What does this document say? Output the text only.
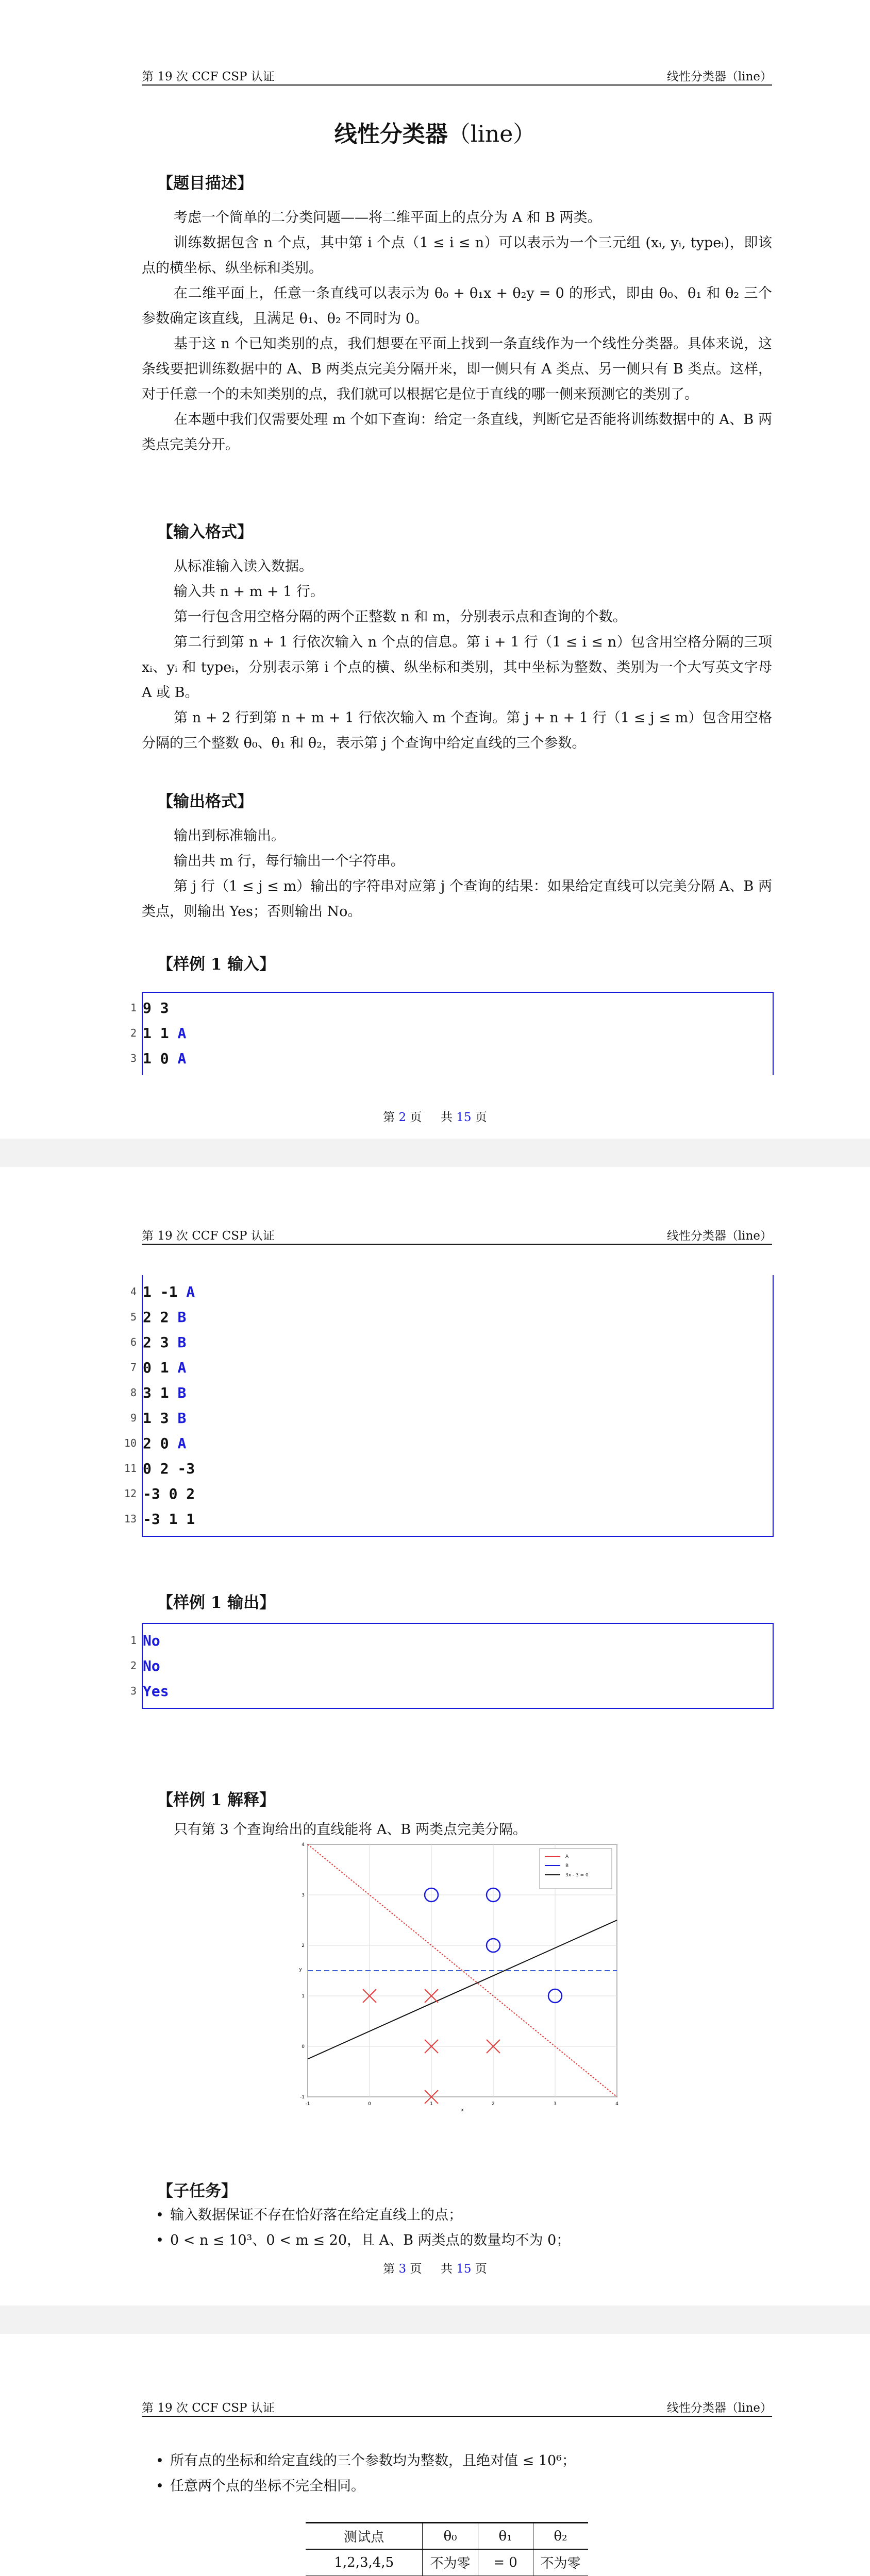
第 19 次 CCF CSP 认证	线性分类器（line）
线性分类器（line）
【题目描述】

考虑一个简单的二分类问题——将二维平面上的点分为 A 和 B 两类。

训练数据包含 n 个点，其中第 i 个点（1 ≤ i ≤ n）可以表示为一个三元组 (xᵢ, yᵢ, typeᵢ)，即该点的横坐标、纵坐标和类别。

在二维平面上，任意一条直线可以表示为 θ₀ + θ₁x + θ₂y = 0 的形式，即由 θ₀、θ₁ 和 θ₂ 三个参数确定该直线，且满足 θ₁、θ₂ 不同时为 0。

基于这 n 个已知类别的点，我们想要在平面上找到一条直线作为一个线性分类器。具体来说，这条线要把训练数据中的 A、B 两类点完美分隔开来，即一侧只有 A 类点、另一侧只有 B 类点。这样，对于任意一个的未知类别的点，我们就可以根据它是位于直线的哪一侧来预测它的类别了。

在本题中我们仅需要处理 m 个如下查询：给定一条直线，判断它是否能将训练数据中的 A、B 两类点完美分开。

【输入格式】

从标准输入读入数据。

输入共 n + m + 1 行。

第一行包含用空格分隔的两个正整数 n 和 m，分别表示点和查询的个数。

第二行到第 n + 1 行依次输入 n 个点的信息。第 i + 1 行（1 ≤ i ≤ n）包含用空格分隔的三项 xᵢ、yᵢ 和 typeᵢ，分别表示第 i 个点的横、纵坐标和类别，其中坐标为整数、类别为一个大写英文字母 A 或 B。

第 n + 2 行到第 n + m + 1 行依次输入 m 个查询。第 j + n + 1 行（1 ≤ j ≤ m）包含用空格分隔的三个整数 θ₀、θ₁ 和 θ₂，表示第 j 个查询中给定直线的三个参数。

【输出格式】

输出到标准输出。

输出共 m 行，每行输出一个字符串。

第 j 行（1 ≤ j ≤ m）输出的字符串对应第 j 个查询的结果：如果给定直线可以完美分隔 A、B 两类点，则输出 Yes；否则输出 No。

【样例 1 输入】
1 9 3
2 1 1 A
3 1 0 A
第 2 页 共 15 页
第 19 次 CCF CSP 认证	线性分类器（line）
4 1 -1 A
5 2 2 B
6 2 3 B
7 0 1 A
8 3 1 B
9 1 3 B
10 2 0 A
11 0 2 -3
12 -3 0 2
13 -3 1 1
【样例 1 输出】
1 No
2 No
3 Yes
【样例 1 解释】

只有第 3 个查询给出的直线能将 A、B 两类点完美分隔。

第 3 页 共 15 页
【子任务】
• 输入数据保证不存在恰好落在给定直线上的点；
• 0 < n ≤ 10³、0 < m ≤ 20，且 A、B 两类点的数量均不为 0；
-1	0	1	2	3	4
-1
0
1
2
3
4
x
y
A
B
3x - 3 = 0
第 19 次 CCF CSP 认证	线性分类器（line）
• 所有点的坐标和给定直线的三个参数均为整数，且绝对值 ≤ 10⁶；
• 任意两个点的坐标不完全相同。
测试点	θ₀	θ₁	θ₂
1,2,3,4,5	不为零	= 0	不为零
